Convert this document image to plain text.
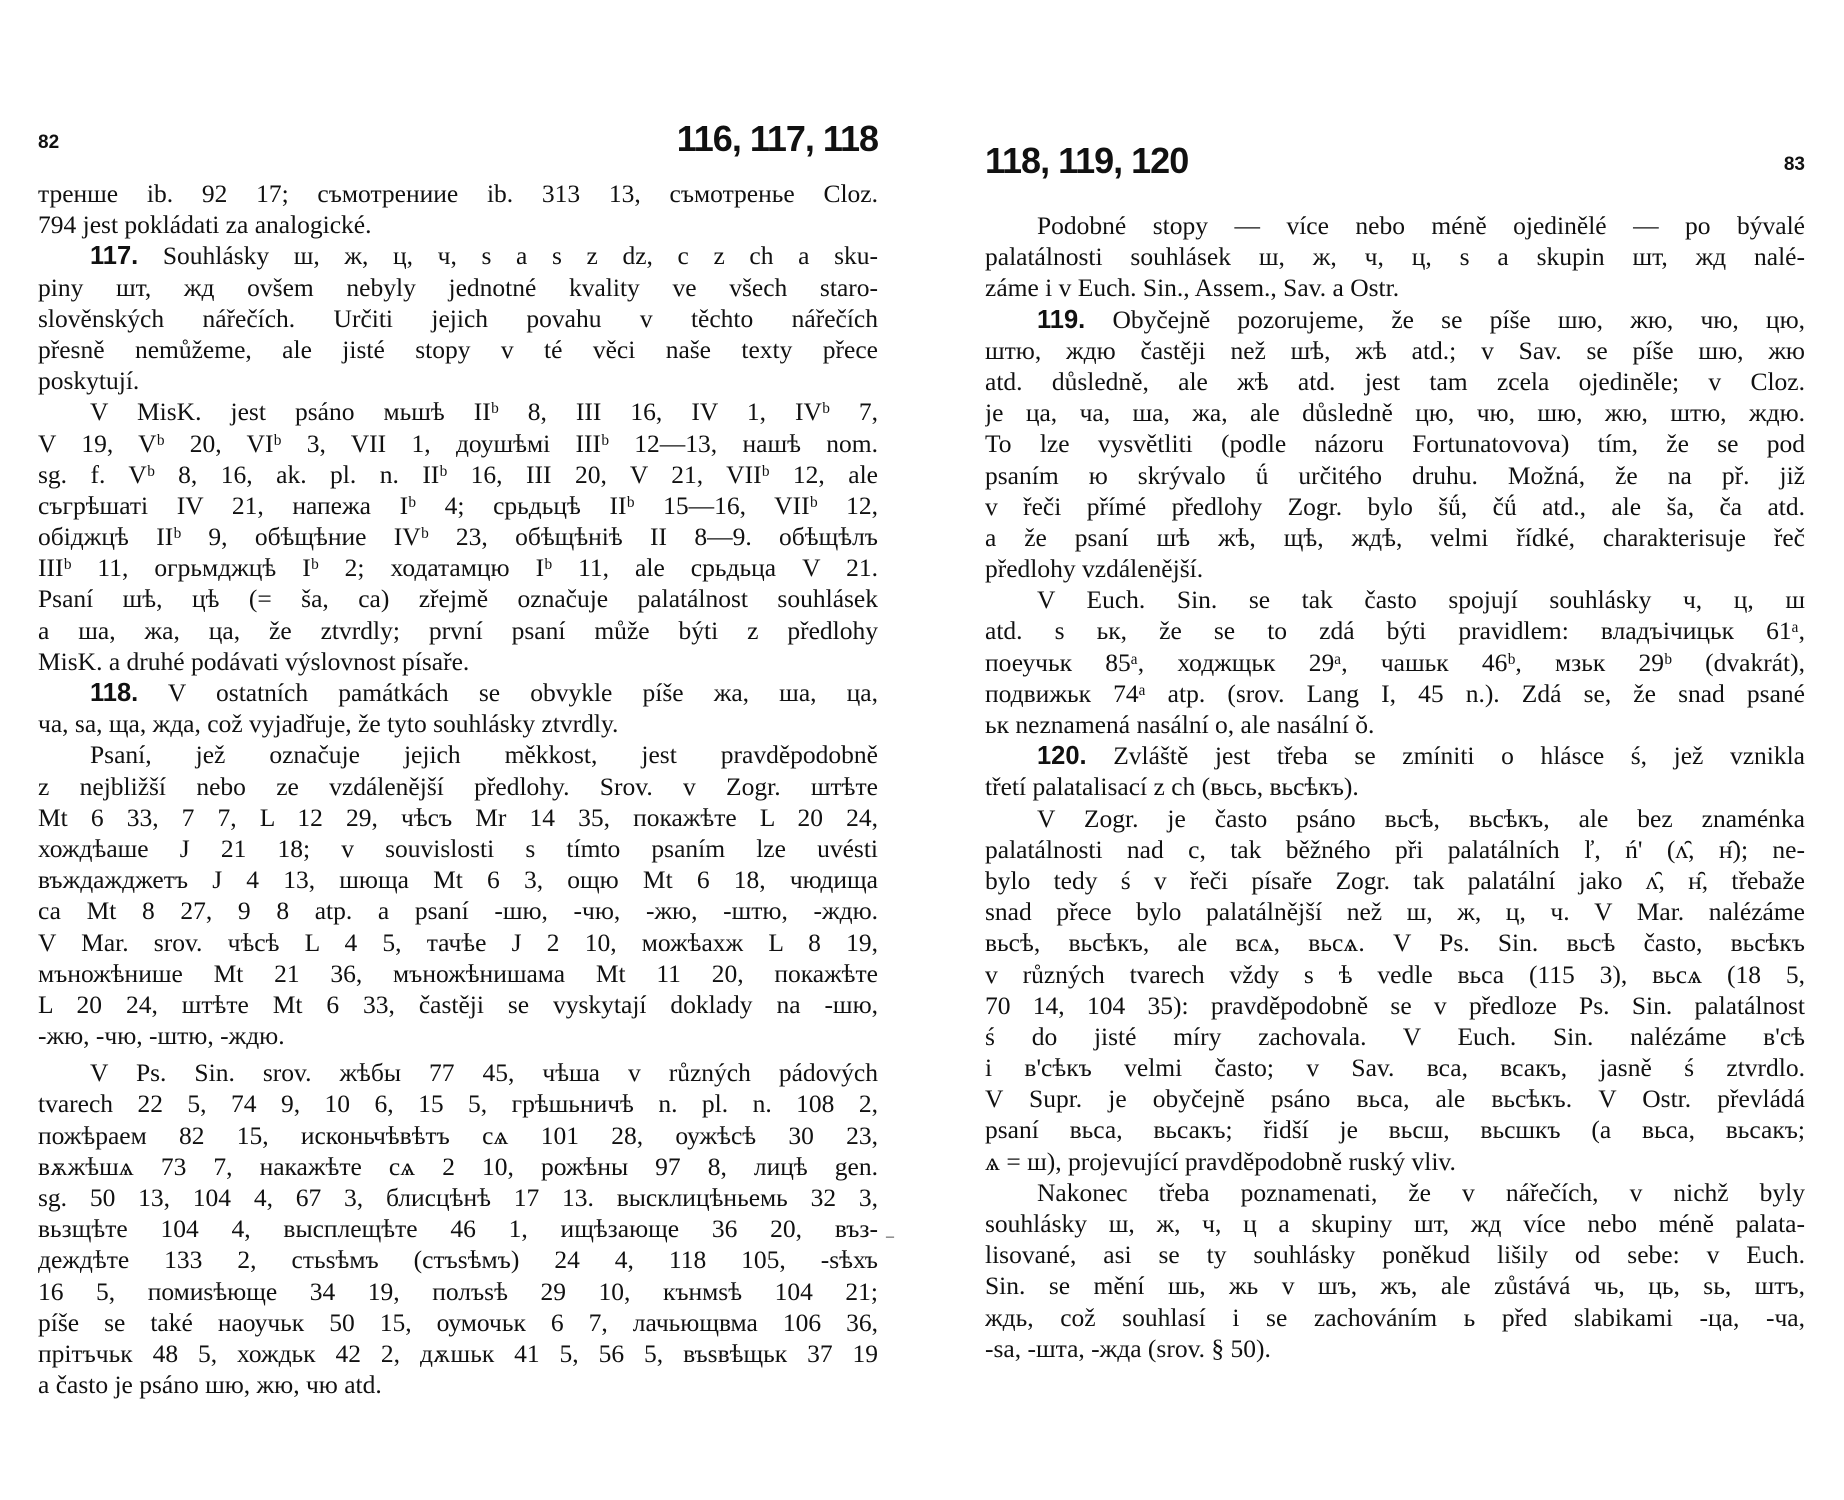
82	116, 117, 118
тренше ib. 92 17; съмотрениие ib. 313 13, съмотренье Cloz.
794 jest pokládati za analogické.
117. Souhlásky ш, ж, ц, ч, ѕ a s z dz, c z ch a sku-
piny шт, жд ovšem nebyly jednotné kvality ve všech staro-
slověnských nářečích. Určiti jejich povahu v těchto nářečích
přesně nemůžeme, ale jisté stopy v té věci naše texty přece
poskytují.
V MisK. jest psáno мьшѣ IIᵇ 8, III 16, IV 1, IVᵇ 7,
V 19, Vᵇ 20, VIᵇ 3, VII 1, доушѣмі IIIᵇ 12—13, нашѣ nom.
sg. f. Vᵇ 8, 16, ak. pl. n. IIᵇ 16, III 20, V 21, VIIᵇ 12, ale
съгрѣшатi IV 21, напежа Iᵇ 4; срьдьцѣ IIᵇ 15—16, VIIᵇ 12,
обiджцѣ IIᵇ 9, обѣщѣние IVᵇ 23, обѣщѣнiѣ II 8—9. обѣщѣлъ
IIIᵇ 11, огрьмджцѣ Iᵇ 2; ходатамцю Iᵇ 11, ale срьдьца V 21.
Psaní шѣ, цѣ (= ša, ca) zřejmě označuje palatálnost souhlásek
a ша, жа, ца, že ztvrdly; první psaní může býti z předlohy
MisK. a druhé podávati výslovnost písaře.
118. V ostatních památkách se obvykle píše жа, ша, ца,
ча, ѕа, ща, жда, což vyjadřuje, že tyto souhlásky ztvrdly.
Psaní, jež označuje jejich měkkost, jest pravděpodobně
z nejbližší nebo ze vzdálenější předlohy. Srov. v Zogr. штѣте
Mt 6 33, 7 7, L 12 29, чѣсъ Mr 14 35, покажѣте L 20 24,
хождѣаше J 21 18; v souvislosti s tímto psaním lze uvésti
въждажджетъ J 4 13, шюща Mt 6 3, ощю Mt 6 18, чюдища
са Mt 8 27, 9 8 atp. a psaní -шю, -чю, -жю, -штю, -ждю.
V Mar. srov. чѣсѣ L 4 5, тачѣе J 2 10, можѣахж L 8 19,
мъножѣнише Mt 21 36, мъножѣнишама Mt 11 20, покажѣте
L 20 24, штѣте Mt 6 33, častěji se vyskytají doklady na -шю,
-жю, -чю, -штю, -ждю.
V Ps. Sin. srov. жѣбы 77 45, чѣша v různých pádových
tvarech 22 5, 74 9, 10 6, 15 5, грѣшьничѣ n. pl. n. 108 2,
пожѣраем 82 15, исконьчѣвѣтъ сѧ 101 28, оужѣсѣ 30 23,
вѫжѣшѧ 73 7, накажѣте сѧ 2 10, рожѣны 97 8, лицѣ gen.
sg. 50 13, 104 4, 67 3, блисцѣнѣ 17 13. высклицѣньемь 32 3,
вьзщѣте 104 4, высплещѣте 46 1, ищѣзающе 36 20, въз-
деждѣте 133 2, стьѕѣмъ (стъѕѣмъ) 24 4, 118 105, -ѕѣхъ
16 5, помиѕѣюще 34 19, полъѕѣ 29 10, кънмѕѣ 104 21;
píše se také наоучьк 50 15, оумочьк 6 7, лачьющвма 106 36,
прiтъчьк 48 5, хождьк 42 2, дѫшьк 41 5, 56 5, въѕвѣщьк 37 19
a často je psáno шю, жю, чю atd.
118, 119, 120	83
Podobné stopy — více nebo méně ojedinělé — po bývalé
palatálnosti souhlásek ш, ж, ч, ц, ѕ a skupin шт, жд nalé-
záme i v Euch. Sin., Assem., Sav. a Ostr.
119. Obyčejně pozorujeme, že se píše шю, жю, чю, цю,
штю, ждю častěji než шѣ, жѣ atd.; v Sav. se píše шю, жю
atd. důsledně, ale жѣ atd. jest tam zcela ojediněle; v Cloz.
je ца, ча, ша, жа, ale důsledně цю, чю, шю, жю, штю, ждю.
To lze vysvětliti (podle názoru Fortunatovova) tím, že se pod
psaním ю skrývalo ǘ určitého druhu. Možná, že na př. již
v řeči přímé předlohy Zogr. bylo šǘ, čǘ atd., ale ša, ča atd.
a že psaní шѣ жѣ, щѣ, ждѣ, velmi řídké, charakterisuje řeč
předlohy vzdálenější.
V Euch. Sin. se tak často spojují souhlásky ч, ц, ш
atd. s ьк, že se to zdá býti pravidlem: владъічицьк 61ᵃ,
поеучьк 85ᵃ, ходжщьк 29ᵃ, чашьк 46ᵇ, мзьк 29ᵇ (dvakrát),
подвижьк 74ᵃ atp. (srov. Lang I, 45 n.). Zdá se, že snad psané
ьк neznamená nasální o, ale nasální ǒ.
120. Zvláště jest třeba se zmíniti o hlásce ś, jež vznikla
třetí palatalisací z ch (вьсь, вьсѣкъ).
V Zogr. je často psáno вьсѣ, вьсѣкъ, ale bez znaménka
palatálnosti nad с, tak běžného při palatálních ľ, ń' (ʌ̑, н̑); ne-
bylo tedy ś v řeči písaře Zogr. tak palatální jako ʌ̑, н̑, třebaže
snad přece bylo palatálnější než ш, ж, ц, ч. V Mar. nalézáme
вьсѣ, вьсѣкъ, ale всѧ, вьсѧ. V Ps. Sin. вьсѣ často, вьсѣкъ
v různých tvarech vždy s ѣ vedle вьса (115 3), вьсѧ (18 5,
70 14, 104 35): pravděpodobně se v předloze Ps. Sin. palatálnost
ś do jisté míry zachovala. V Euch. Sin. nalézáme в'сѣ
i в'сѣкъ velmi často; v Sav. вса, всакъ, jasně ś ztvrdlo.
V Supr. je obyčejně psáno вьса, ale вьсѣкъ. V Ostr. převládá
psaní вьса, вьсакъ; řidší je вьсш, вьсшкъ (a вьса, вьсакъ;
ѧ = ш), projevující pravděpodobně ruský vliv.
Nakonec třeba poznamenati, že v nářečích, v nichž byly
souhlásky ш, ж, ч, ц a skupiny шт, жд více nebo méně palata-
lisované, asi se ty souhlásky poněkud lišily od sebe: v Euch.
Sin. se mění шь, жь v шъ, жъ, ale zůstává чь, ць, ѕь, штъ,
ждь, což souhlasí i se zachováním ь před slabikami -ца, -ча,
-ѕа, -шта, -жда (srov. § 50).
–
